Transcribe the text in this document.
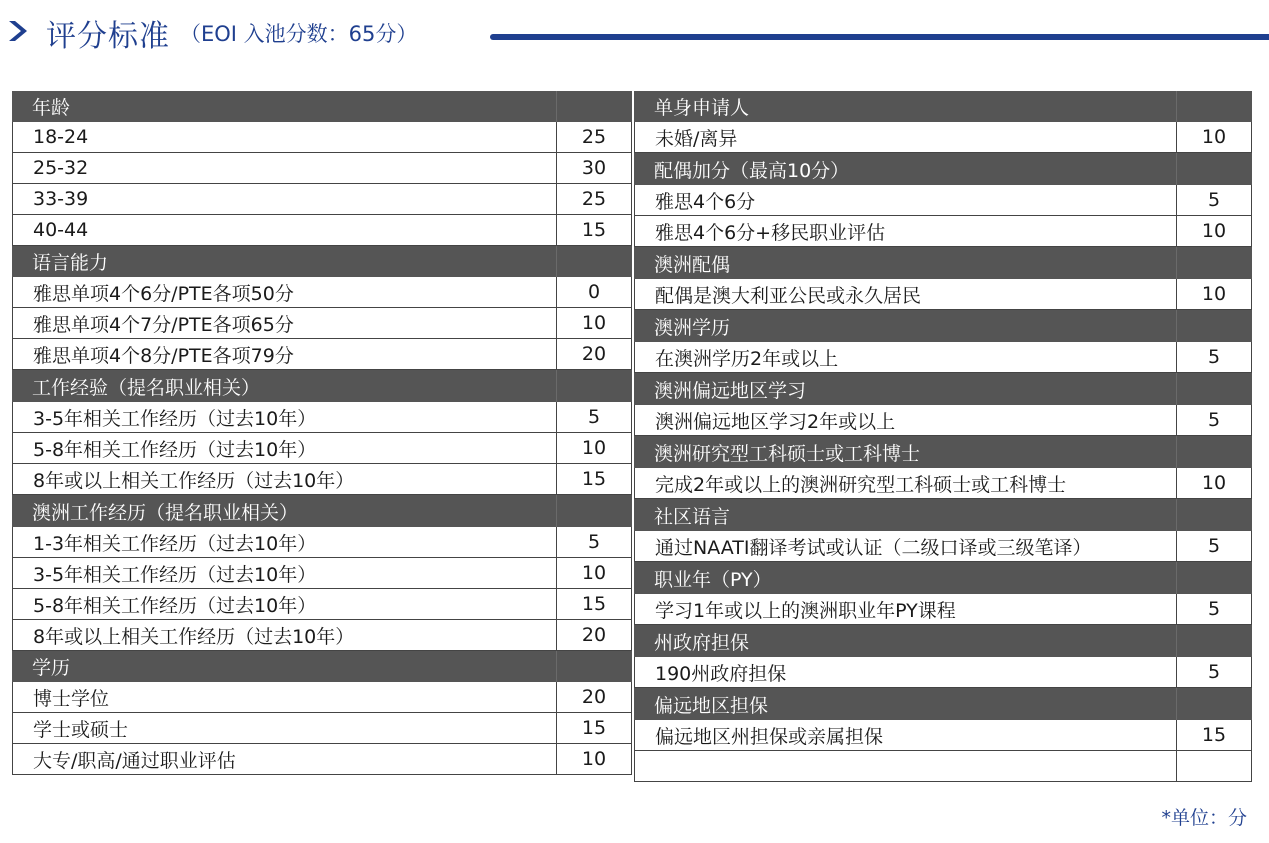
评分标准 （EOI 入池分数：65分）
年龄
18-24	25
25-32	30
33-39	25
40-44	15
语言能力
雅思单项4个6分/PTE各项50分	0
雅思单项4个7分/PTE各项65分	10
雅思单项4个8分/PTE各项79分	20
工作经验（提名职业相关）
3-5年相关工作经历（过去10年）	5
5-8年相关工作经历（过去10年）	10
8年或以上相关工作经历（过去10年）	15
澳洲工作经历（提名职业相关）
1-3年相关工作经历（过去10年）	5
3-5年相关工作经历（过去10年）	10
5-8年相关工作经历（过去10年）	15
8年或以上相关工作经历（过去10年）	20
学历
博士学位	20
学士或硕士	15
大专/职高/通过职业评估	10
单身申请人
未婚/离异	10
配偶加分（最高10分）
雅思4个6分	5
雅思4个6分+移民职业评估	10
澳洲配偶
配偶是澳大利亚公民或永久居民	10
澳洲学历
在澳洲学历2年或以上	5
澳洲偏远地区学习
澳洲偏远地区学习2年或以上	5
澳洲研究型工科硕士或工科博士
完成2年或以上的澳洲研究型工科硕士或工科博士	10
社区语言
通过NAATI翻译考试或认证（二级口译或三级笔译）	5
职业年（PY）
学习1年或以上的澳洲职业年PY课程	5
州政府担保
190州政府担保	5
偏远地区担保
偏远地区州担保或亲属担保	15
*单位：分
